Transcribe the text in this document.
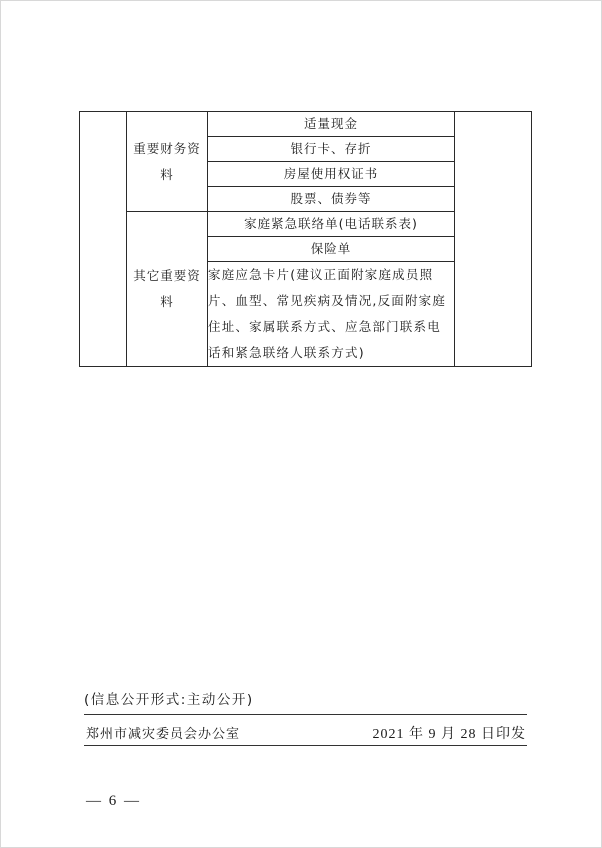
	重要财务资料	适量现金	
		银行卡、存折	
		房屋使用权证书	
		股票、债券等	
	其它重要资料	家庭紧急联络单(电话联系表)	
		保险单	
		家庭应急卡片(建议正面附家庭成员照片、血型、常见疾病及情况,反面附家庭住址、家属联系方式、应急部门联系电话和紧急联络人联系方式)	
(信息公开形式:主动公开)
郑州市减灾委员会办公室	2021 年 9 月 28 日印发
— 6 —
